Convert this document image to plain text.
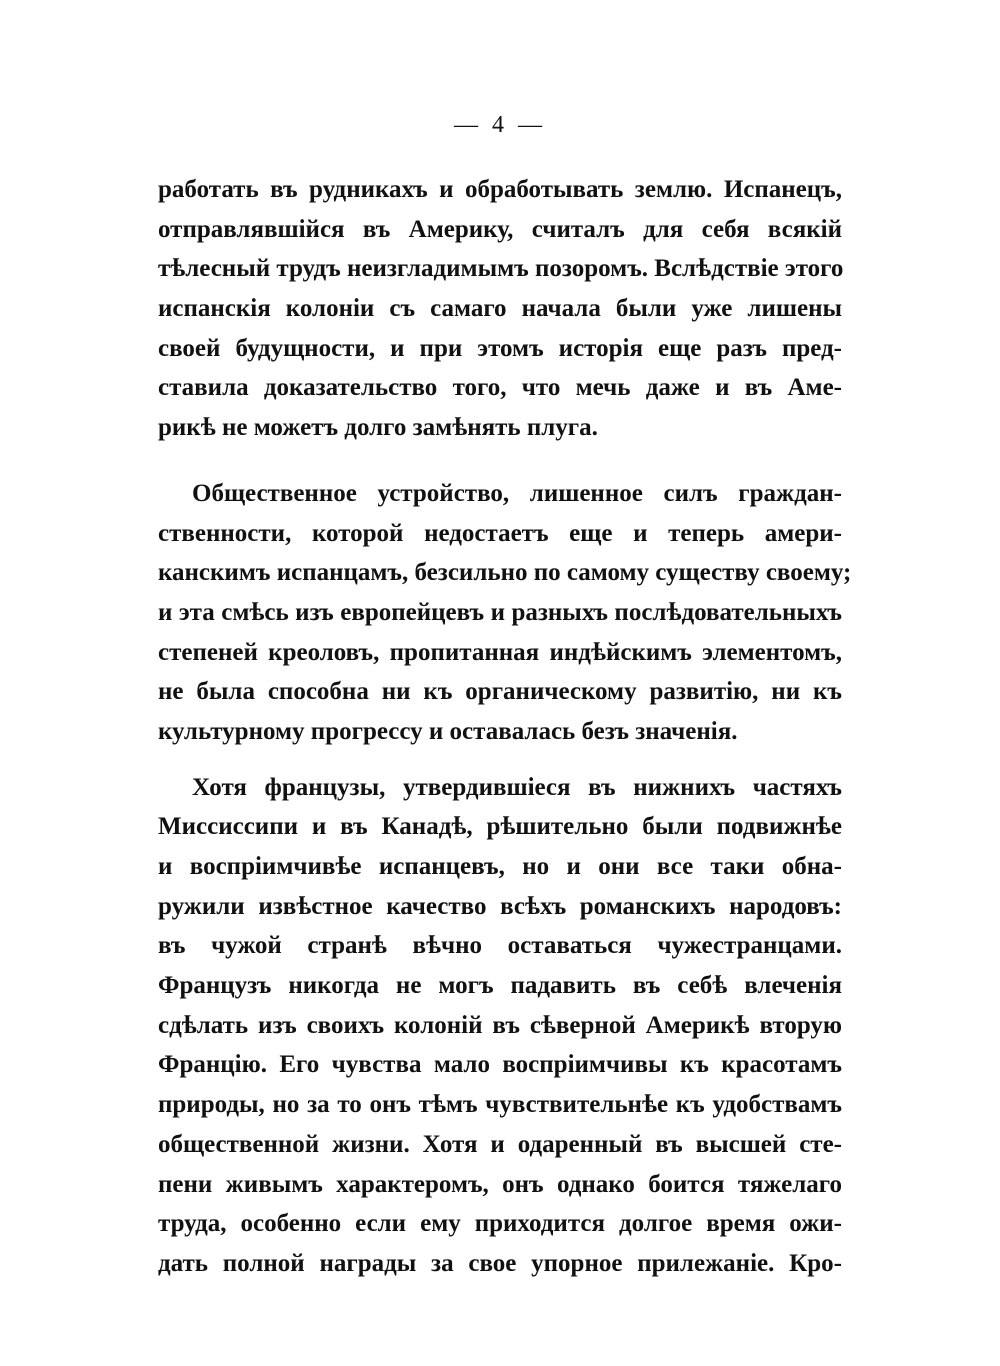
— 4 —
работать въ рудникахъ и обработывать землю. Испанецъ,
отправлявшійся въ Америку, считалъ для себя всякій
тѣлесный трудъ неизгладимымъ позоромъ. Вслѣдствіе этого
испанскія колоніи съ самаго начала были уже лишены
своей будущности, и при этомъ исторія еще разъ пред-
ставила доказательство того, что мечь даже и въ Аме-
рикѣ не можетъ долго замѣнять плуга.
Общественное устройство, лишенное силъ граждан-
ственности, которой недостаетъ еще и теперь амери-
канскимъ испанцамъ, безсильно по самому существу своему;
и эта смѣсь изъ европейцевъ и разныхъ послѣдовательныхъ
степеней креоловъ, пропитанная индѣйскимъ элементомъ,
не была способна ни къ органическому развитію, ни къ
культурному прогрессу и оставалась безъ значенія.
Хотя французы, утвердившіеся въ нижнихъ частяхъ
Миссиссипи и въ Канадѣ, рѣшительно были подвижнѣе
и воспріимчивѣе испанцевъ, но и они все таки обна-
ружили извѣстное качество всѣхъ романскихъ народовъ:
въ чужой странѣ вѣчно оставаться чужестранцами.
Французъ никогда не могъ падавить въ себѣ влеченія
сдѣлать изъ своихъ колоній въ сѣверной Америкѣ вторую
Францію. Его чувства мало воспріимчивы къ красотамъ
природы, но за то онъ тѣмъ чувствительнѣе къ удобствамъ
общественной жизни. Хотя и одаренный въ высшей сте-
пени живымъ характеромъ, онъ однако боится тяжелаго
труда, особенно если ему приходится долгое время ожи-
дать полной награды за свое упорное прилежаніе. Кро-
